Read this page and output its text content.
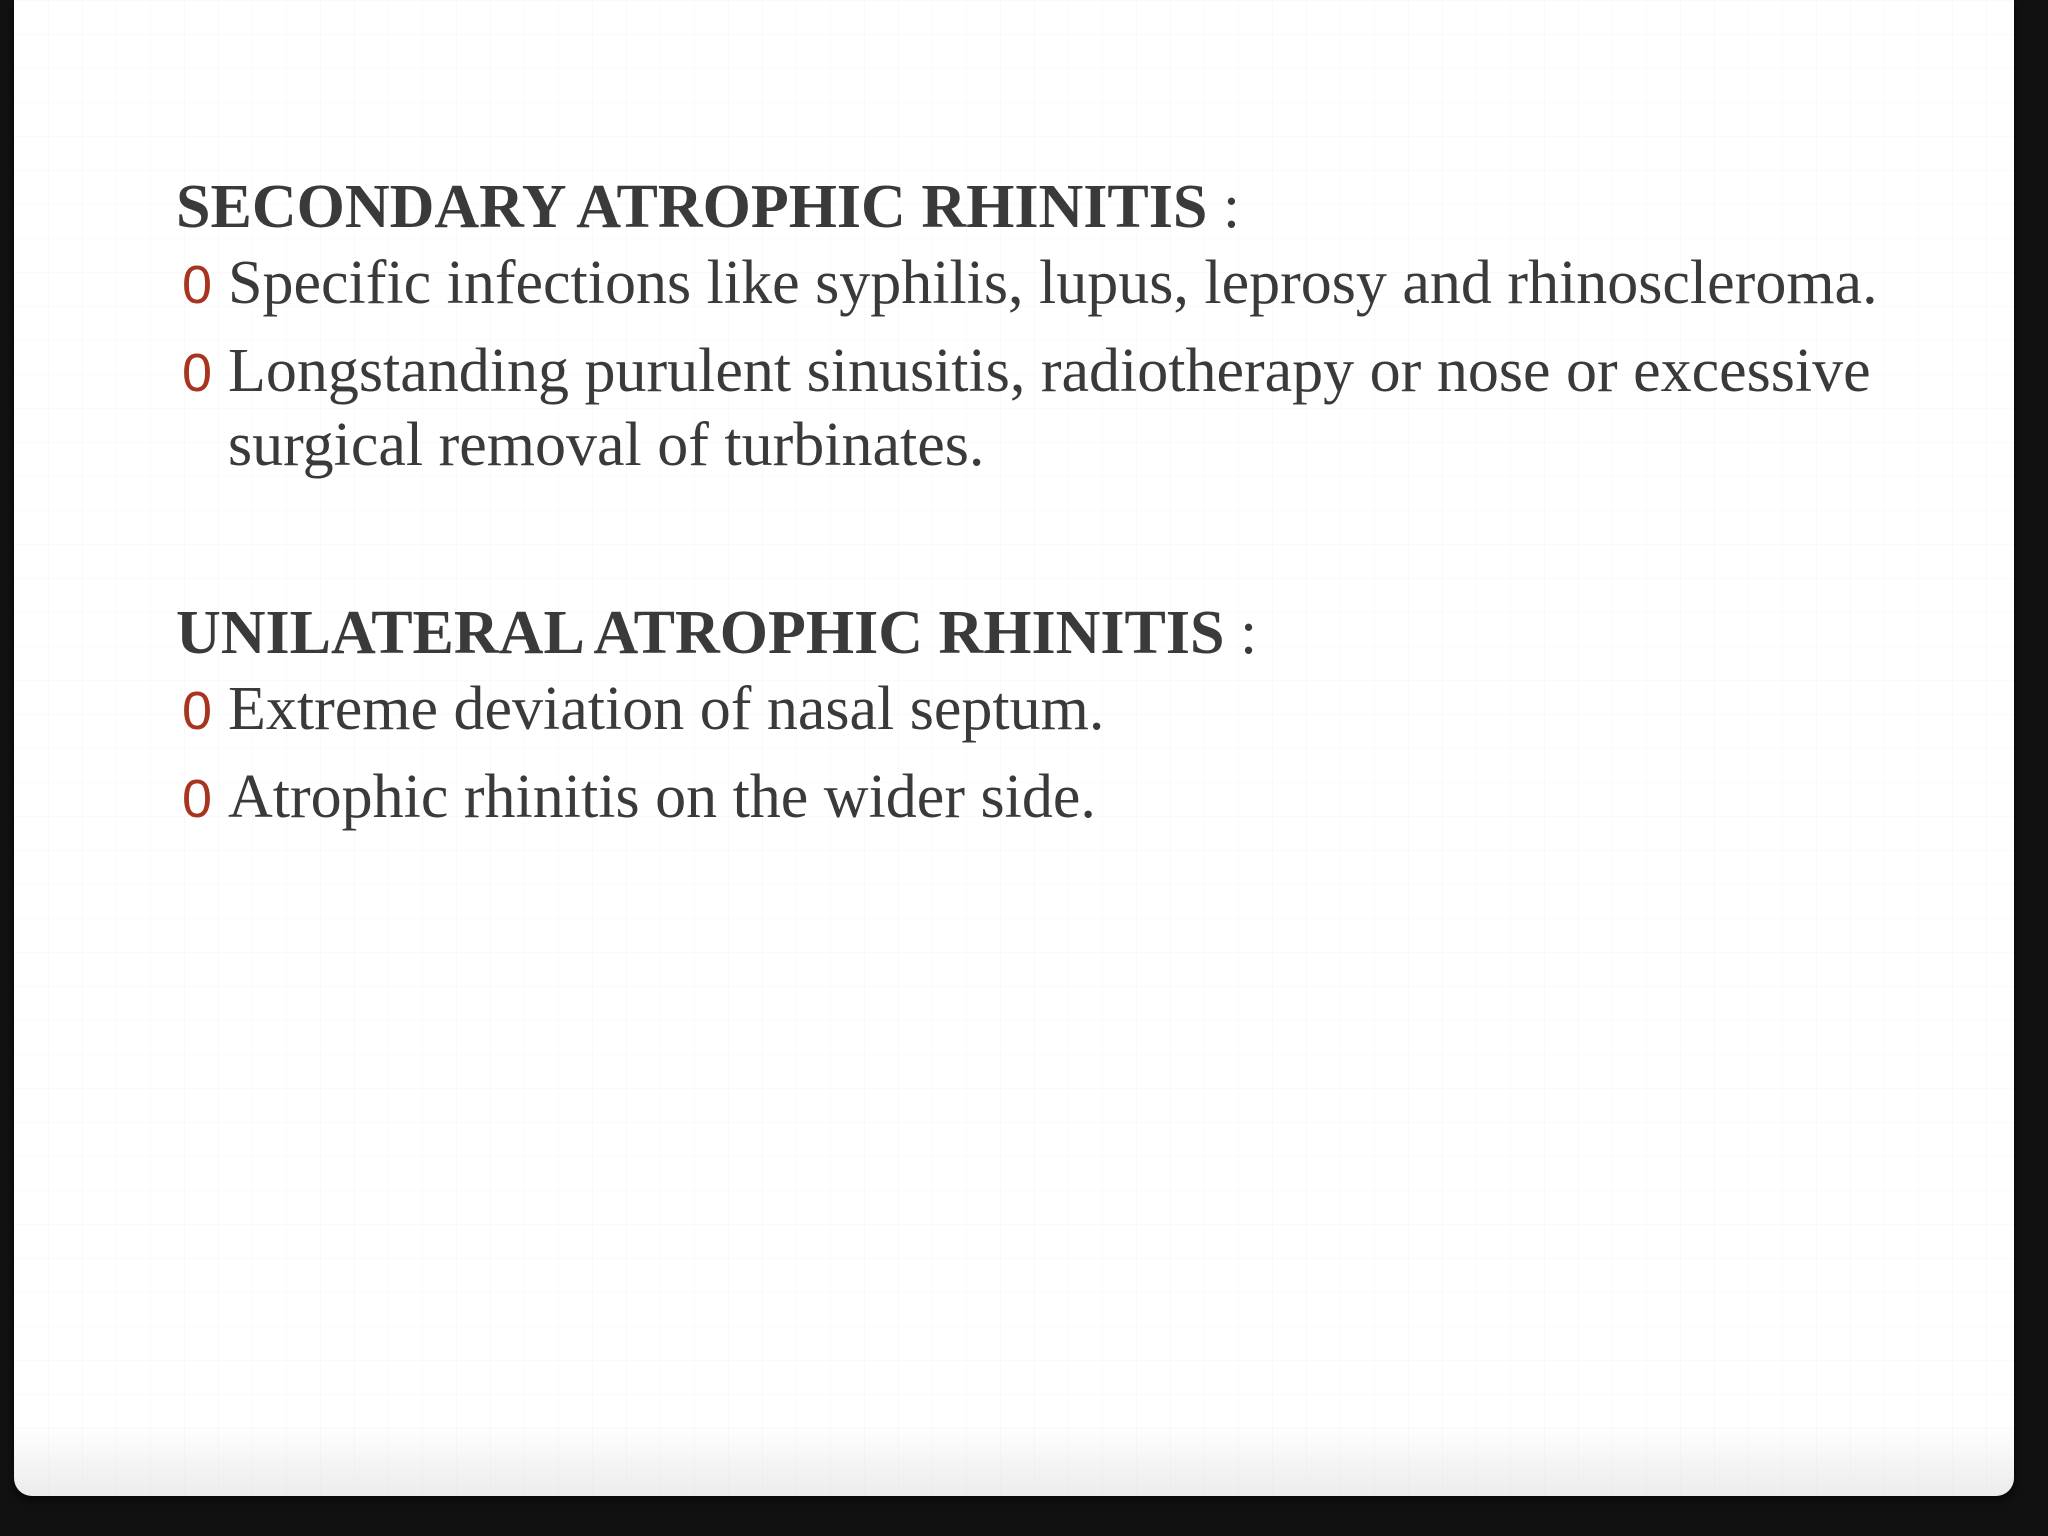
SECONDARY ATROPHIC RHINITIS :

0 Specific infections like syphilis, lupus, leprosy and rhinoscleroma.
0 Longstanding purulent sinusitis, radiotherapy or nose or excessive surgical removal of turbinates.

UNILATERAL ATROPHIC RHINITIS :

0 Extreme deviation of nasal septum.
0 Atrophic rhinitis on the wider side.
